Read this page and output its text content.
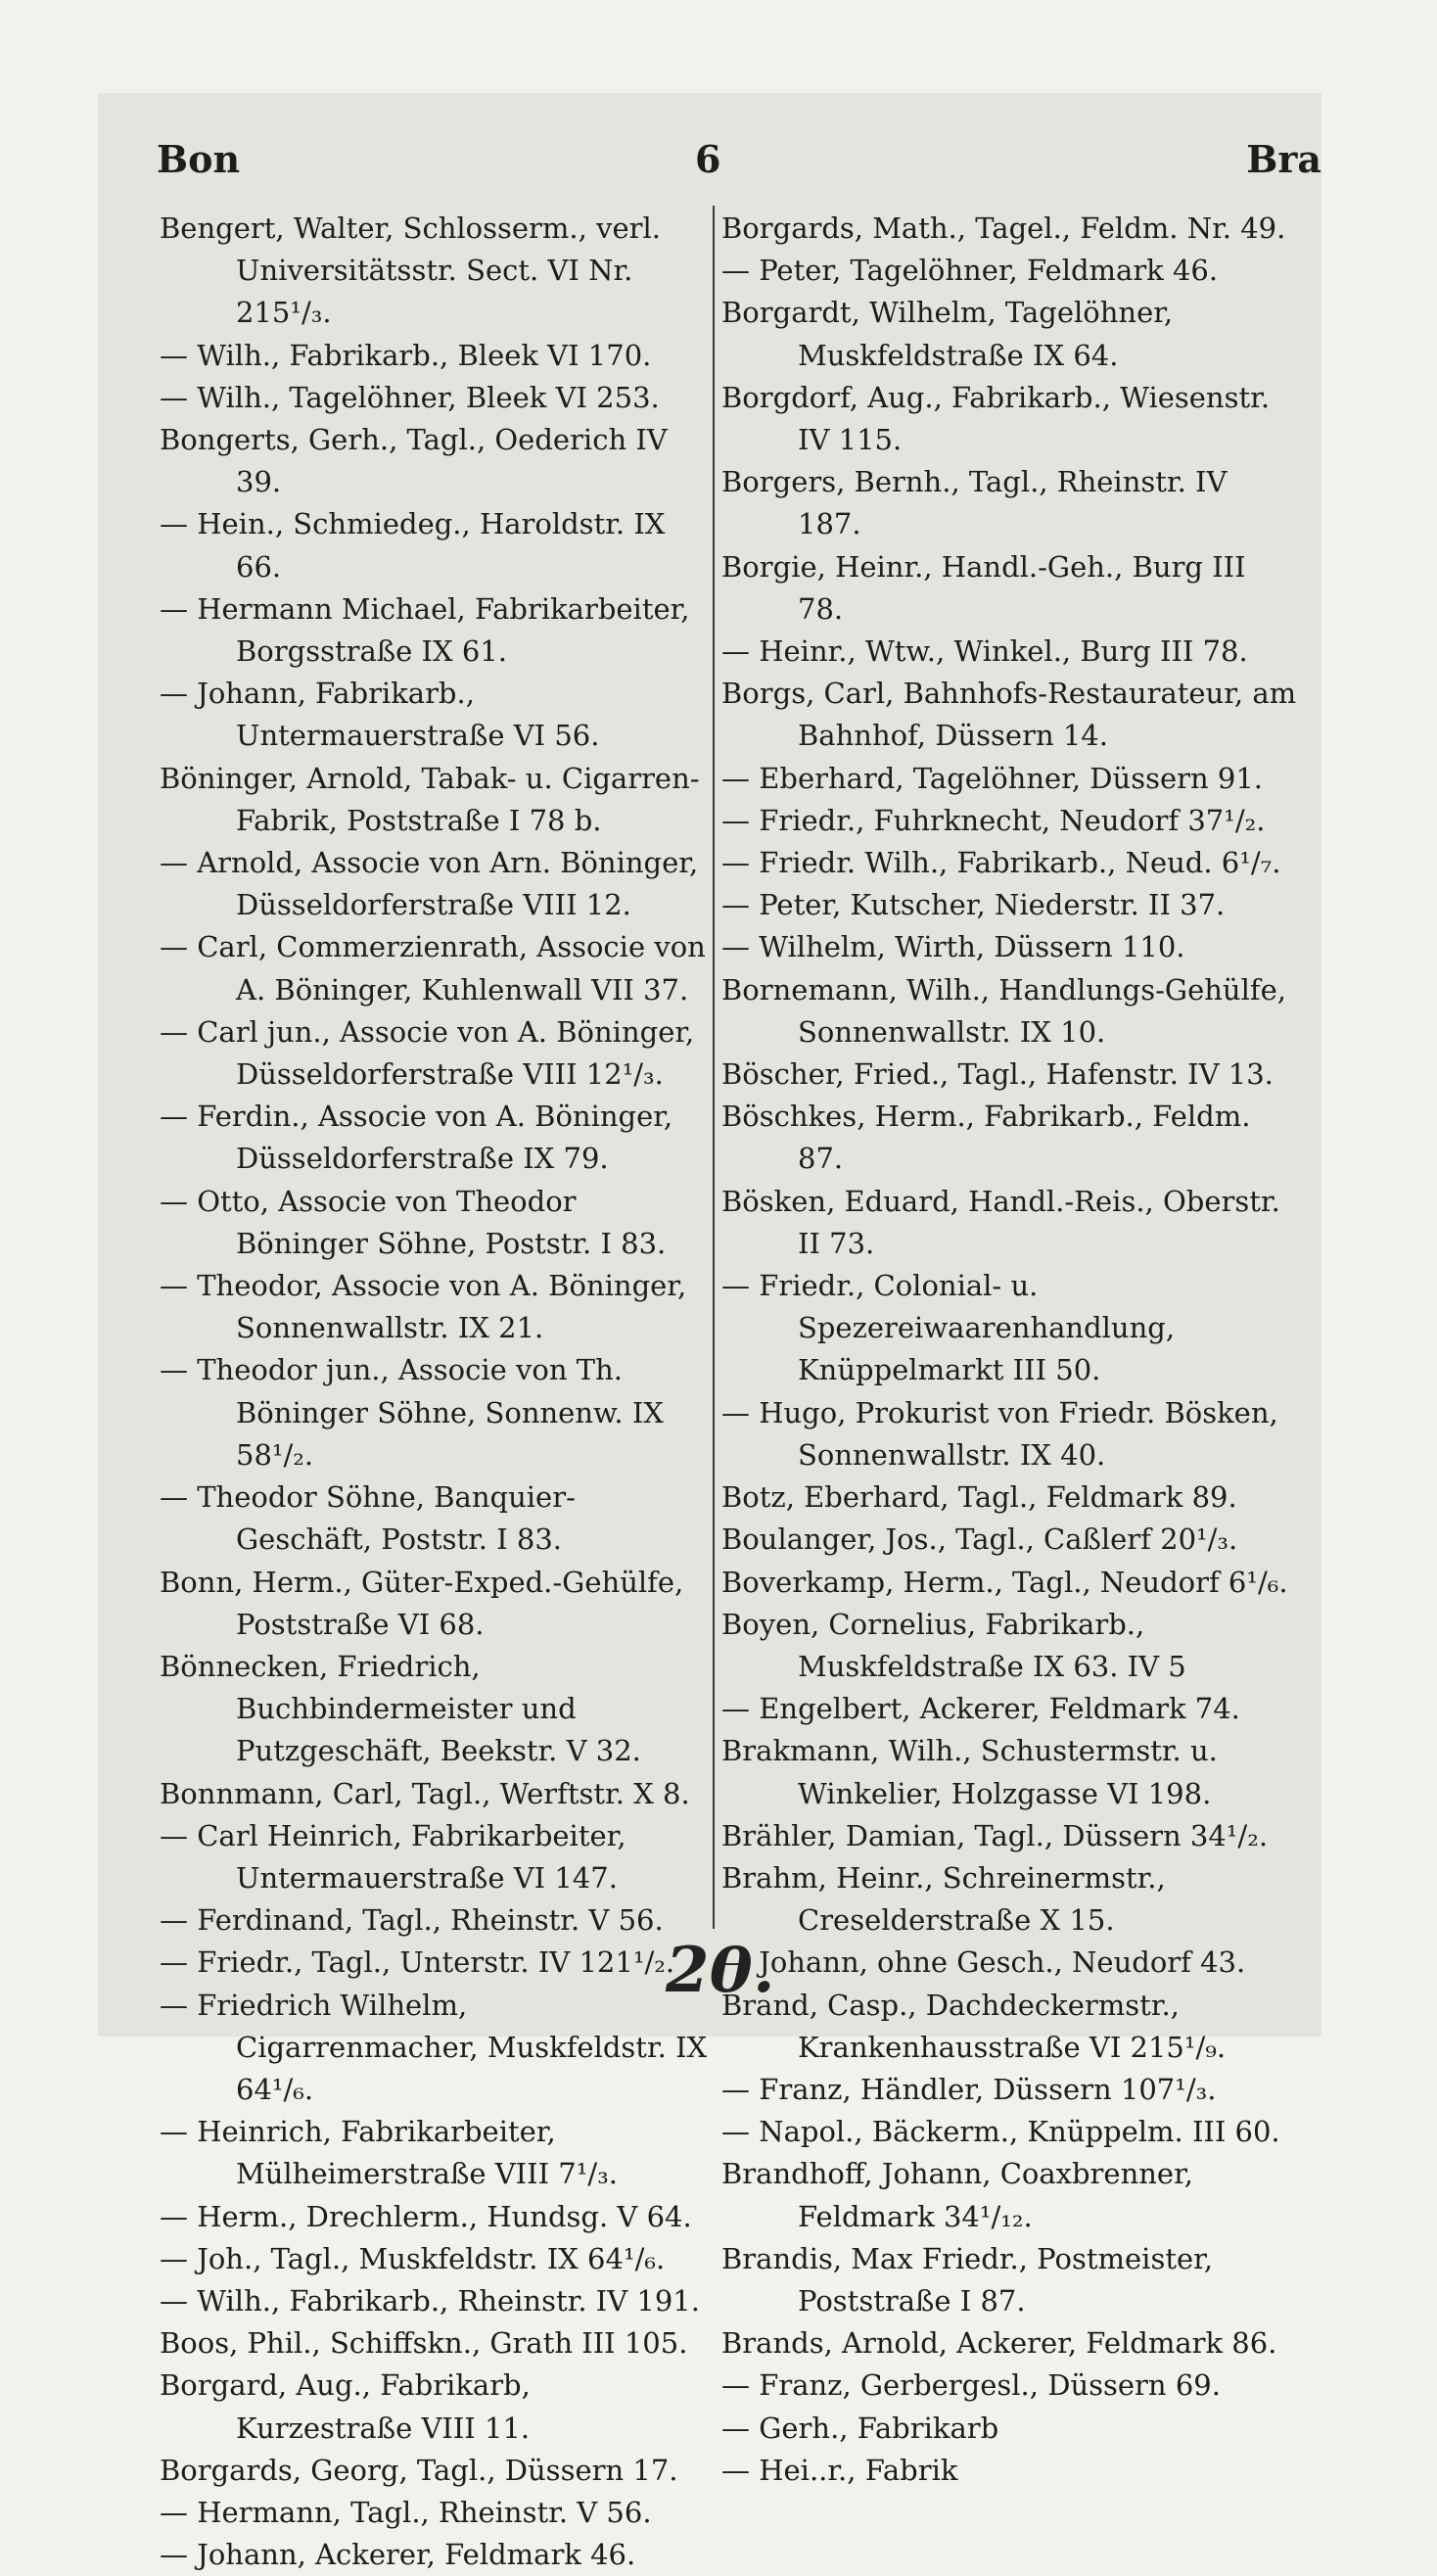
Bon	6	Bra
Bengert, Walter, Schlosserm., verl. Universitätsstr. Sect. VI Nr. 215¹/₃.
— Wilh., Fabrikarb., Bleek VI 170.
— Wilh., Tagelöhner, Bleek VI 253.
Bongerts, Gerh., Tagl., Oederich IV 39.
— Hein., Schmiedeg., Haroldstr. IX 66.
— Hermann Michael, Fabrikarbeiter, Borgsstraße IX 61.
— Johann, Fabrikarb., Untermauerstraße VI 56.
Böninger, Arnold, Tabak- u. Cigarren-Fabrik, Poststraße I 78 b.
— Arnold, Associe von Arn. Böninger, Düsseldorferstraße VIII 12.
— Carl, Commerzienrath, Associe von A. Böninger, Kuhlenwall VII 37.
— Carl jun., Associe von A. Böninger, Düsseldorferstraße VIII 12¹/₃.
— Ferdin., Associe von A. Böninger, Düsseldorferstraße IX 79.
— Otto, Associe von Theodor Böninger Söhne, Poststr. I 83.
— Theodor, Associe von A. Böninger, Sonnenwallstr. IX 21.
— Theodor jun., Associe von Th. Böninger Söhne, Sonnenw. IX 58¹/₂.
— Theodor Söhne, Banquier-Geschäft, Poststr. I 83.
Bonn, Herm., Güter-Exped.-Gehülfe, Poststraße VI 68.
Bönnecken, Friedrich, Buchbindermeister und Putzgeschäft, Beekstr. V 32.
Bonnmann, Carl, Tagl., Werftstr. X 8.
— Carl Heinrich, Fabrikarbeiter, Untermauerstraße VI 147.
— Ferdinand, Tagl., Rheinstr. V 56.
— Friedr., Tagl., Unterstr. IV 121¹/₂.
— Friedrich Wilhelm, Cigarrenmacher, Muskfeldstr. IX 64¹/₆.
— Heinrich, Fabrikarbeiter, Mülheimerstraße VIII 7¹/₃.
— Herm., Drechlerm., Hundsg. V 64.
— Joh., Tagl., Muskfeldstr. IX 64¹/₆.
— Wilh., Fabrikarb., Rheinstr. IV 191.
Boos, Phil., Schiffskn., Grath III 105.
Borgard, Aug., Fabrikarb, Kurzestraße VIII 11.
Borgards, Georg, Tagl., Düssern 17.
— Hermann, Tagl., Rheinstr. V 56.
— Johann, Ackerer, Feldmark 46.
Borgards, Math., Tagel., Feldm. Nr. 49.
— Peter, Tagelöhner, Feldmark 46.
Borgardt, Wilhelm, Tagelöhner, Muskfeldstraße IX 64.
Borgdorf, Aug., Fabrikarb., Wiesenstr. IV 115.
Borgers, Bernh., Tagl., Rheinstr. IV 187.
Borgie, Heinr., Handl.-Geh., Burg III 78.
— Heinr., Wtw., Winkel., Burg III 78.
Borgs, Carl, Bahnhofs-Restaurateur, am Bahnhof, Düssern 14.
— Eberhard, Tagelöhner, Düssern 91.
— Friedr., Fuhrknecht, Neudorf 37¹/₂.
— Friedr. Wilh., Fabrikarb., Neud. 6¹/₇.
— Peter, Kutscher, Niederstr. II 37.
— Wilhelm, Wirth, Düssern 110.
Bornemann, Wilh., Handlungs-Gehülfe, Sonnenwallstr. IX 10.
Böscher, Fried., Tagl., Hafenstr. IV 13.
Böschkes, Herm., Fabrikarb., Feldm. 87.
Bösken, Eduard, Handl.-Reis., Oberstr. II 73.
— Friedr., Colonial- u. Spezereiwaarenhandlung, Knüppelmarkt III 50.
— Hugo, Prokurist von Friedr. Bösken, Sonnenwallstr. IX 40.
Botz, Eberhard, Tagl., Feldmark 89.
Boulanger, Jos., Tagl., Caßlerf 20¹/₃.
Boverkamp, Herm., Tagl., Neudorf 6¹/₆.
Boyen, Cornelius, Fabrikarb., Muskfeldstraße IX 63. IV 5
— Engelbert, Ackerer, Feldmark 74.
Brakmann, Wilh., Schustermstr. u. Winkelier, Holzgasse VI 198.
Brähler, Damian, Tagl., Düssern 34¹/₂.
Brahm, Heinr., Schreinermstr., Creselderstraße X 15.
— Johann, ohne Gesch., Neudorf 43.
Brand, Casp., Dachdeckermstr., Krankenhausstraße VI 215¹/₉.
— Franz, Händler, Düssern 107¹/₃.
— Napol., Bäckerm., Knüppelm. III 60.
Brandhoff, Johann, Coaxbrenner, Feldmark 34¹/₁₂.
Brandis, Max Friedr., Postmeister, Poststraße I 87.
Brands, Arnold, Ackerer, Feldmark 86.
— Franz, Gerbergesl., Düssern 69.
— Gerh., Fabrikarb
— Hei..r., Fabrik
20.
